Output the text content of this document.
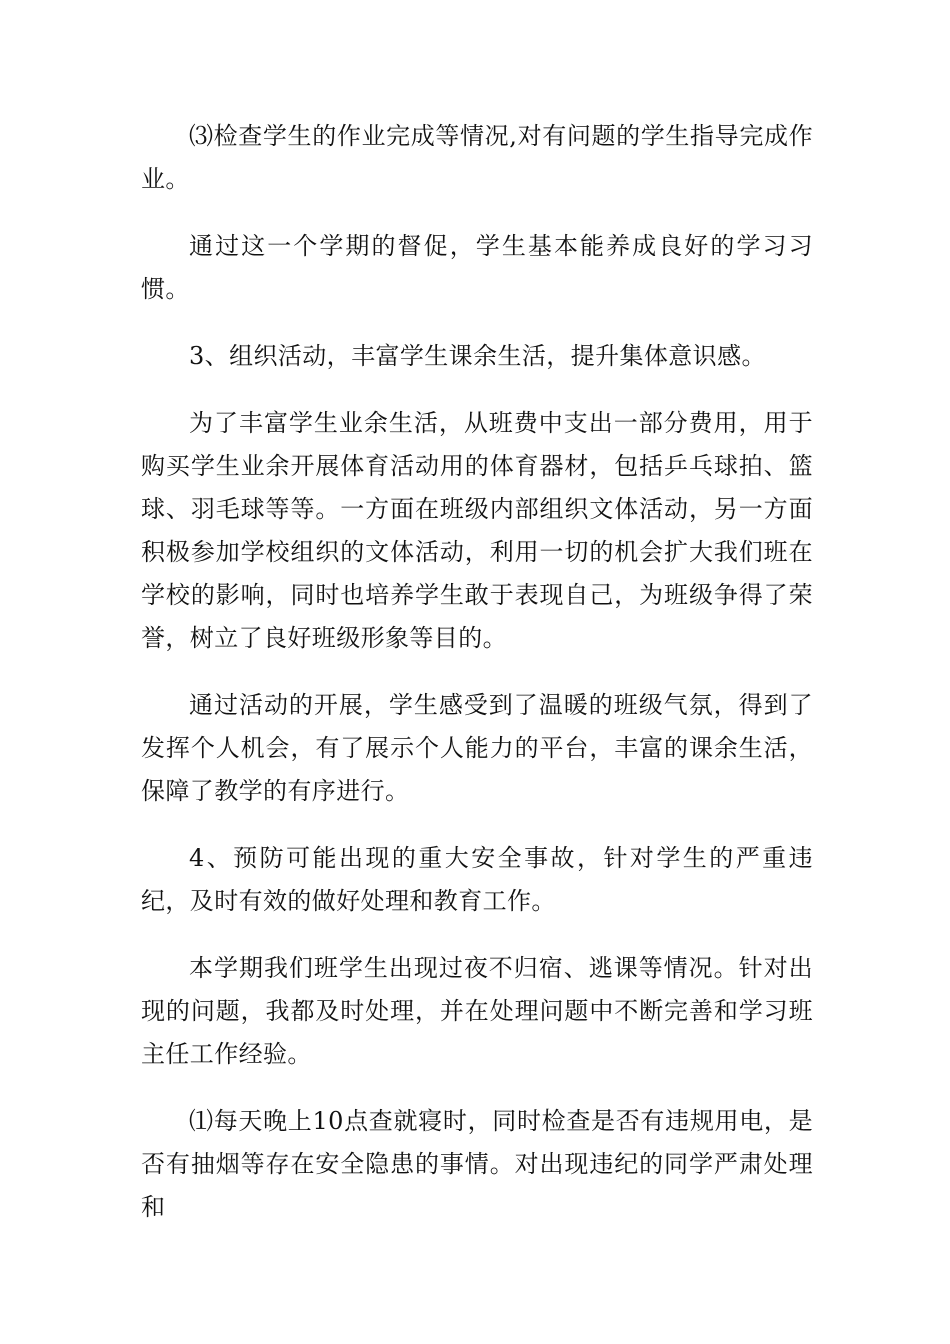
⑶检查学生的作业完成等情况,对有问题的学生指导完成作业。

通过这一个学期的督促，学生基本能养成良好的学习习惯。

3、组织活动，丰富学生课余生活，提升集体意识感。

为了丰富学生业余生活，从班费中支出一部分费用，用于购买学生业余开展体育活动用的体育器材，包括乒乓球拍、篮球、羽毛球等等。一方面在班级内部组织文体活动，另一方面积极参加学校组织的文体活动，利用一切的机会扩大我们班在学校的影响，同时也培养学生敢于表现自己，为班级争得了荣誉，树立了良好班级形象等目的。

通过活动的开展，学生感受到了温暖的班级气氛，得到了发挥个人机会，有了展示个人能力的平台，丰富的课余生活，保障了教学的有序进行。

4、预防可能出现的重大安全事故，针对学生的严重违纪，及时有效的做好处理和教育工作。

本学期我们班学生出现过夜不归宿、逃课等情况。针对出现的问题，我都及时处理，并在处理问题中不断完善和学习班主任工作经验。

⑴每天晚上10点查就寝时，同时检查是否有违规用电，是否有抽烟等存在安全隐患的事情。对出现违纪的同学严肃处理和
